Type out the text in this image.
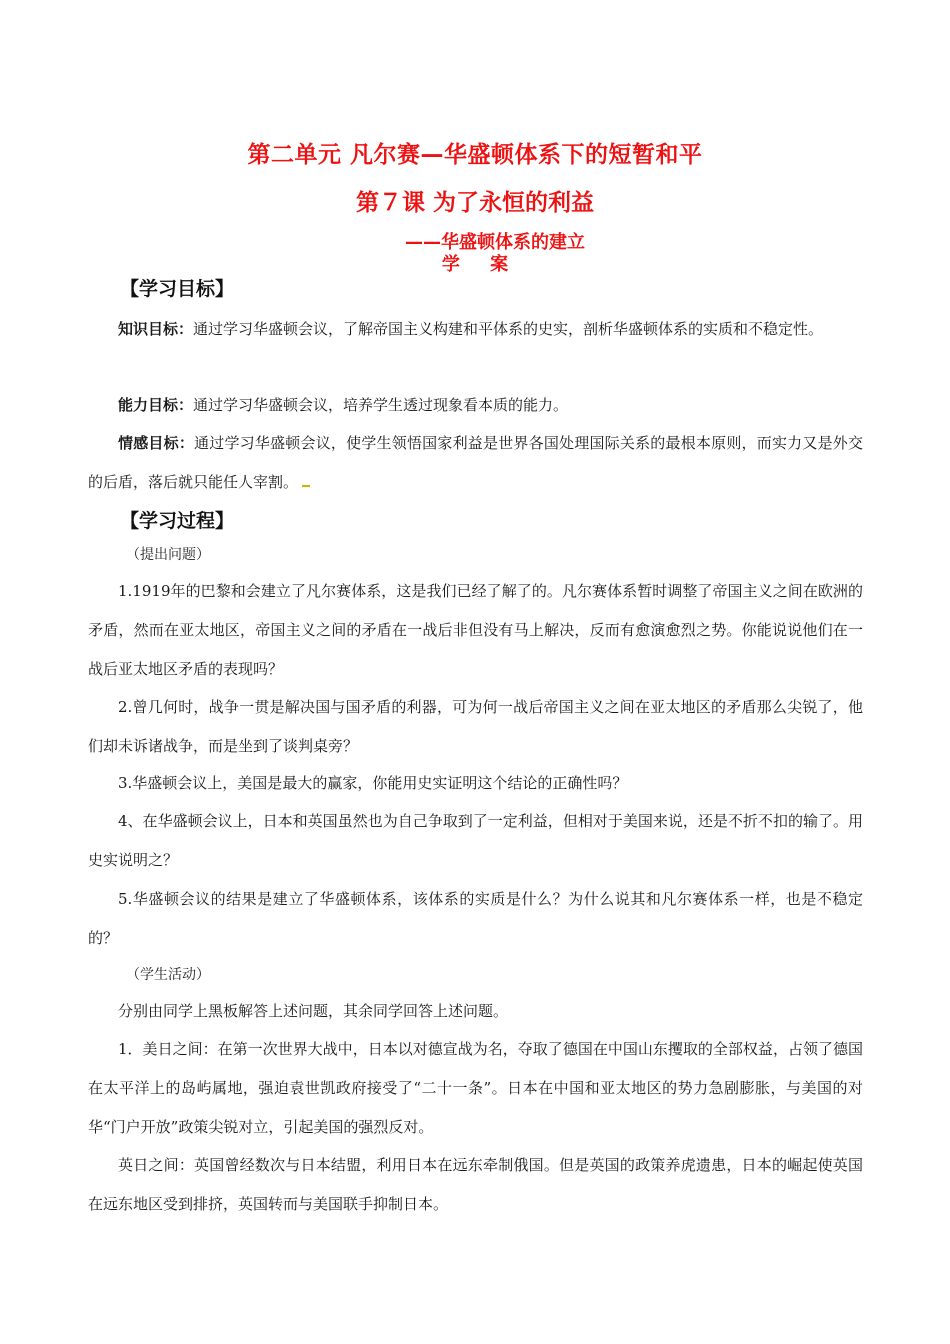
第二单元 凡尔赛—华盛顿体系下的短暂和平
第７课 为了永恒的利益
——华盛顿体系的建立
学 案
【学习目标】
知识目标：通过学习华盛顿会议，了解帝国主义构建和平体系的史实，剖析华盛顿体系的实质和不稳定性。
能力目标：通过学习华盛顿会议，培养学生透过现象看本质的能力。
情感目标：通过学习华盛顿会议，使学生领悟国家利益是世界各国处理国际关系的最根本原则，而实力又是外交的后盾，落后就只能任人宰割。
【学习过程】
（提出问题）
1.1919年的巴黎和会建立了凡尔赛体系，这是我们已经了解了的。凡尔赛体系暂时调整了帝国主义之间在欧洲的矛盾，然而在亚太地区，帝国主义之间的矛盾在一战后非但没有马上解决，反而有愈演愈烈之势。你能说说他们在一战后亚太地区矛盾的表现吗？
2.曾几何时，战争一贯是解决国与国矛盾的利器，可为何一战后帝国主义之间在亚太地区的矛盾那么尖锐了，他们却未诉诸战争，而是坐到了谈判桌旁？
3.华盛顿会议上，美国是最大的赢家，你能用史实证明这个结论的正确性吗？
4、在华盛顿会议上，日本和英国虽然也为自己争取到了一定利益，但相对于美国来说，还是不折不扣的输了。用史实说明之？
5.华盛顿会议的结果是建立了华盛顿体系，该体系的实质是什么？为什么说其和凡尔赛体系一样，也是不稳定的？
（学生活动）
分别由同学上黑板解答上述问题，其余同学回答上述问题。
1．美日之间：在第一次世界大战中，日本以对德宣战为名，夺取了德国在中国山东攫取的全部权益，占领了德国在太平洋上的岛屿属地，强迫袁世凯政府接受了“二十一条”。日本在中国和亚太地区的势力急剧膨胀，与美国的对华“门户开放”政策尖锐对立，引起美国的强烈反对。
英日之间：英国曾经数次与日本结盟，利用日本在远东牵制俄国。但是英国的政策养虎遗患，日本的崛起使英国在远东地区受到排挤，英国转而与美国联手抑制日本。
